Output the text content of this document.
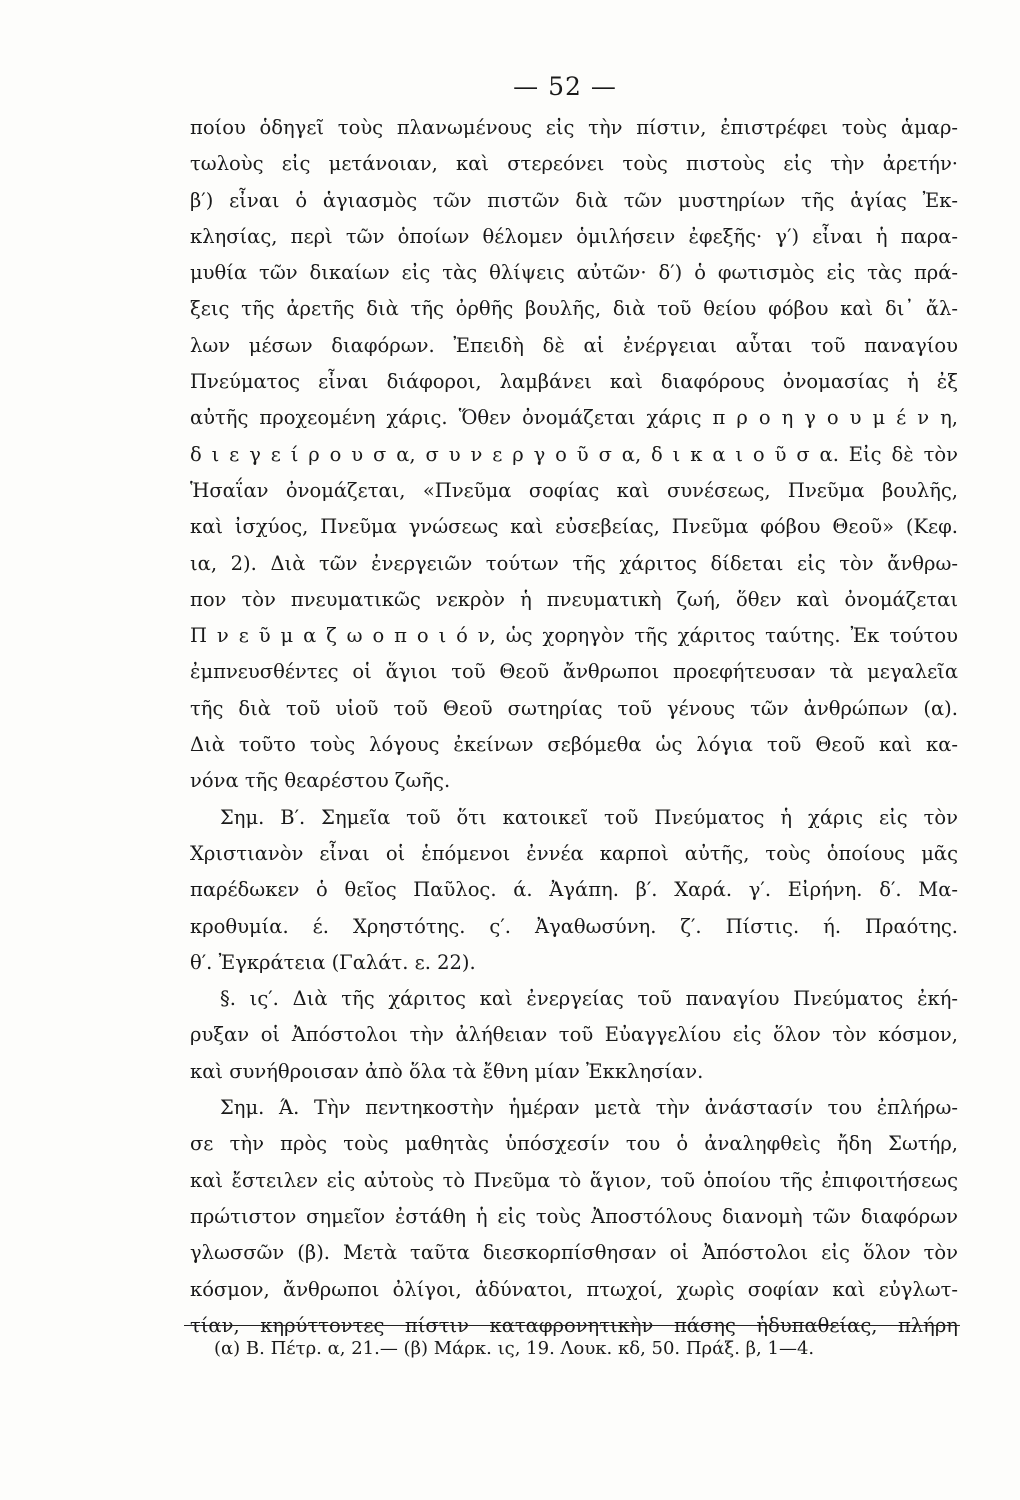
— 52 —
ποίου ὁδηγεῖ τοὺς πλανωμένους εἰς τὴν πίστιν, ἐπιστρέφει τοὺς ἁμαρ-
τωλοὺς εἰς μετάνοιαν, καὶ στερεόνει τοὺς πιστοὺς εἰς τὴν ἀρετήν·
β′) εἶναι ὁ ἁγιασμὸς τῶν πιστῶν διὰ τῶν μυστηρίων τῆς ἁγίας Ἐκ-
κλησίας, περὶ τῶν ὁποίων θέλομεν ὁμιλήσειν ἐφεξῆς· γ′) εἶναι ἡ παρα-
μυθία τῶν δικαίων εἰς τὰς θλίψεις αὐτῶν· δ′) ὁ φωτισμὸς εἰς τὰς πρά-
ξεις τῆς ἀρετῆς διὰ τῆς ὀρθῆς βουλῆς, διὰ τοῦ θείου φόβου καὶ δι᾽ ἄλ-
λων μέσων διαφόρων. Ἐπειδὴ δὲ αἱ ἐνέργειαι αὗται τοῦ παναγίου
Πνεύματος εἶναι διάφοροι, λαμβάνει καὶ διαφόρους ὀνομασίας ἡ ἐξ
αὐτῆς προχεομένη χάρις. Ὅθεν ὀνομάζεται χάρις π ρ ο η γ ο υ μ έ ν η,
δ ι ε γ ε ί ρ ο υ σ α, σ υ ν ε ρ γ ο ῦ σ α, δ ι κ α ι ο ῦ σ α. Εἰς δὲ τὸν
Ἡσαΐαν ὀνομάζεται, «Πνεῦμα σοφίας καὶ συνέσεως, Πνεῦμα βουλῆς,
καὶ ἰσχύος, Πνεῦμα γνώσεως καὶ εὐσεβείας, Πνεῦμα φόβου Θεοῦ» (Κεφ.
ια, 2). Διὰ τῶν ἐνεργειῶν τούτων τῆς χάριτος δίδεται εἰς τὸν ἄνθρω-
πον τὸν πνευματικῶς νεκρὸν ἡ πνευματικὴ ζωή, ὅθεν καὶ ὀνομάζεται
Π ν ε ῦ μ α ζ ω ο π ο ι ό ν, ὡς χορηγὸν τῆς χάριτος ταύτης. Ἐκ τούτου
ἐμπνευσθέντες οἱ ἅγιοι τοῦ Θεοῦ ἄνθρωποι προεφήτευσαν τὰ μεγαλεῖα
τῆς διὰ τοῦ υἱοῦ τοῦ Θεοῦ σωτηρίας τοῦ γένους τῶν ἀνθρώπων (α).
Διὰ τοῦτο τοὺς λόγους ἐκείνων σεβόμεθα ὡς λόγια τοῦ Θεοῦ καὶ κα-
νόνα τῆς θεαρέστου ζωῆς.
Σημ. Β′. Σημεῖα τοῦ ὅτι κατοικεῖ τοῦ Πνεύματος ἡ χάρις εἰς τὸν
Χριστιανὸν εἶναι οἱ ἑπόμενοι ἐννέα καρποὶ αὐτῆς, τοὺς ὁποίους μᾶς
παρέδωκεν ὁ θεῖος Παῦλος. ά. Ἀγάπη. β′. Χαρά. γ′. Εἰρήνη. δ′. Μα-
κροθυμία. έ. Χρηστότης. ς′. Ἀγαθωσύνη. ζ′. Πίστις. ή. Πραότης.
θ′. Ἐγκράτεια (Γαλάτ. ε. 22).
§. ις′. Διὰ τῆς χάριτος καὶ ἐνεργείας τοῦ παναγίου Πνεύματος ἐκή-
ρυξαν οἱ Ἀπόστολοι τὴν ἀλήθειαν τοῦ Εὐαγγελίου εἰς ὅλον τὸν κόσμον,
καὶ συνήθροισαν ἀπὸ ὅλα τὰ ἔθνη μίαν Ἐκκλησίαν.
Σημ. Ά. Τὴν πεντηκοστὴν ἡμέραν μετὰ τὴν ἀνάστασίν του ἐπλήρω-
σε τὴν πρὸς τοὺς μαθητὰς ὑπόσχεσίν του ὁ ἀναληφθεὶς ἤδη Σωτήρ,
καὶ ἔστειλεν εἰς αὐτοὺς τὸ Πνεῦμα τὸ ἅγιον, τοῦ ὁποίου τῆς ἐπιφοιτήσεως
πρώτιστον σημεῖον ἐστάθη ἡ εἰς τοὺς Ἀποστόλους διανομὴ τῶν διαφόρων
γλωσσῶν (β). Μετὰ ταῦτα διεσκορπίσθησαν οἱ Ἀπόστολοι εἰς ὅλον τὸν
κόσμον, ἄνθρωποι ὀλίγοι, ἀδύνατοι, πτωχοί, χωρὶς σοφίαν καὶ εὐγλωτ-
τίαν, κηρύττοντες πίστιν καταφρονητικὴν πάσης ἡδυπαθείας, πλήρη
(α) Β. Πέτρ. α, 21.— (β) Μάρκ. ις, 19. Λουκ. κδ, 50. Πράξ. β, 1—4.
